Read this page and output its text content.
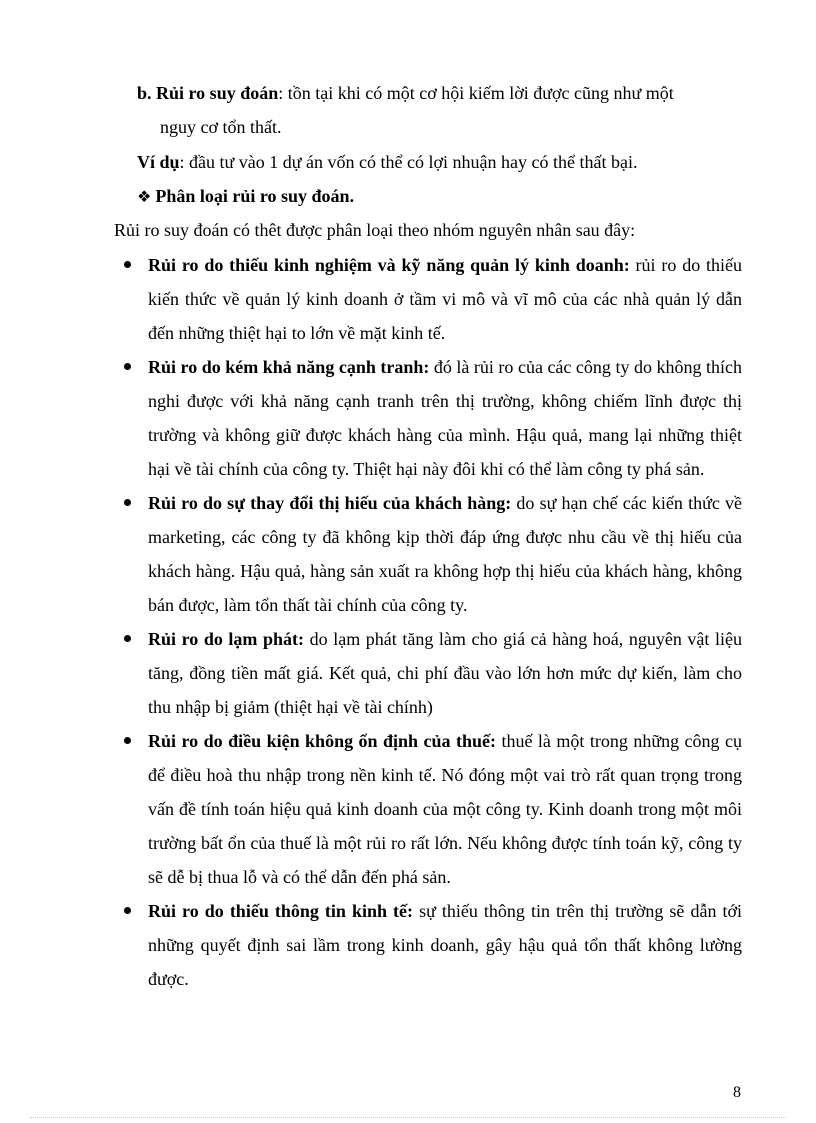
b. Rủi ro suy đoán: tồn tại khi có một cơ hội kiếm lời được cũng như một
nguy cơ tổn thất.
Ví dụ: đầu tư vào 1 dự án vốn có thể có lợi nhuận hay có thể thất bại.
❖ Phân loại rủi ro suy đoán.
Rủi ro suy đoán có thêt được phân loại theo nhóm nguyên nhân sau đây:
Rủi ro do thiếu kinh nghiệm và kỹ năng quản lý kinh doanh: rủi ro do thiếu kiến thức về quản lý kinh doanh ở tầm vi mô và vĩ mô của các nhà quản lý dẫn đến những thiệt hại to lớn về mặt kinh tế.
Rủi ro do kém khả năng cạnh tranh: đó là rủi ro của các công ty do không thích nghi được với khả năng cạnh tranh trên thị trường, không chiếm lĩnh được thị trường và không giữ được khách hàng của mình. Hậu quả, mang lại những thiệt hại về tài chính của công ty. Thiệt hại này đôi khi có thể làm công ty phá sản.
Rủi ro do sự thay đổi thị hiếu của khách hàng: do sự hạn chế các kiến thức về marketing, các công ty đã không kịp thời đáp ứng được nhu cầu về thị hiếu của khách hàng. Hậu quả, hàng sản xuất ra không hợp thị hiếu của khách hàng, không bán được, làm tổn thất tài chính của công ty.
Rủi ro do lạm phát: do lạm phát tăng làm cho giá cả hàng hoá, nguyên vật liệu tăng, đồng tiền mất giá. Kết quả, chi phí đầu vào lớn hơn mức dự kiến, làm cho thu nhập bị giảm (thiệt hại về tài chính)
Rủi ro do điều kiện không ổn định của thuế: thuế là một trong những công cụ để điều hoà thu nhập trong nền kinh tế. Nó đóng một vai trò rất quan trọng trong vấn đề tính toán hiệu quả kinh doanh của một công ty. Kinh doanh trong một môi trường bất ổn của thuế là một rủi ro rất lớn. Nếu không được tính toán kỹ, công ty sẽ dễ bị thua lỗ và có thể dẫn đến phá sản.
Rủi ro do thiếu thông tin kinh tế: sự thiếu thông tin trên thị trường sẽ dẫn tới những quyết định sai lầm trong kinh doanh, gây hậu quả tổn thất không lường được.
8
